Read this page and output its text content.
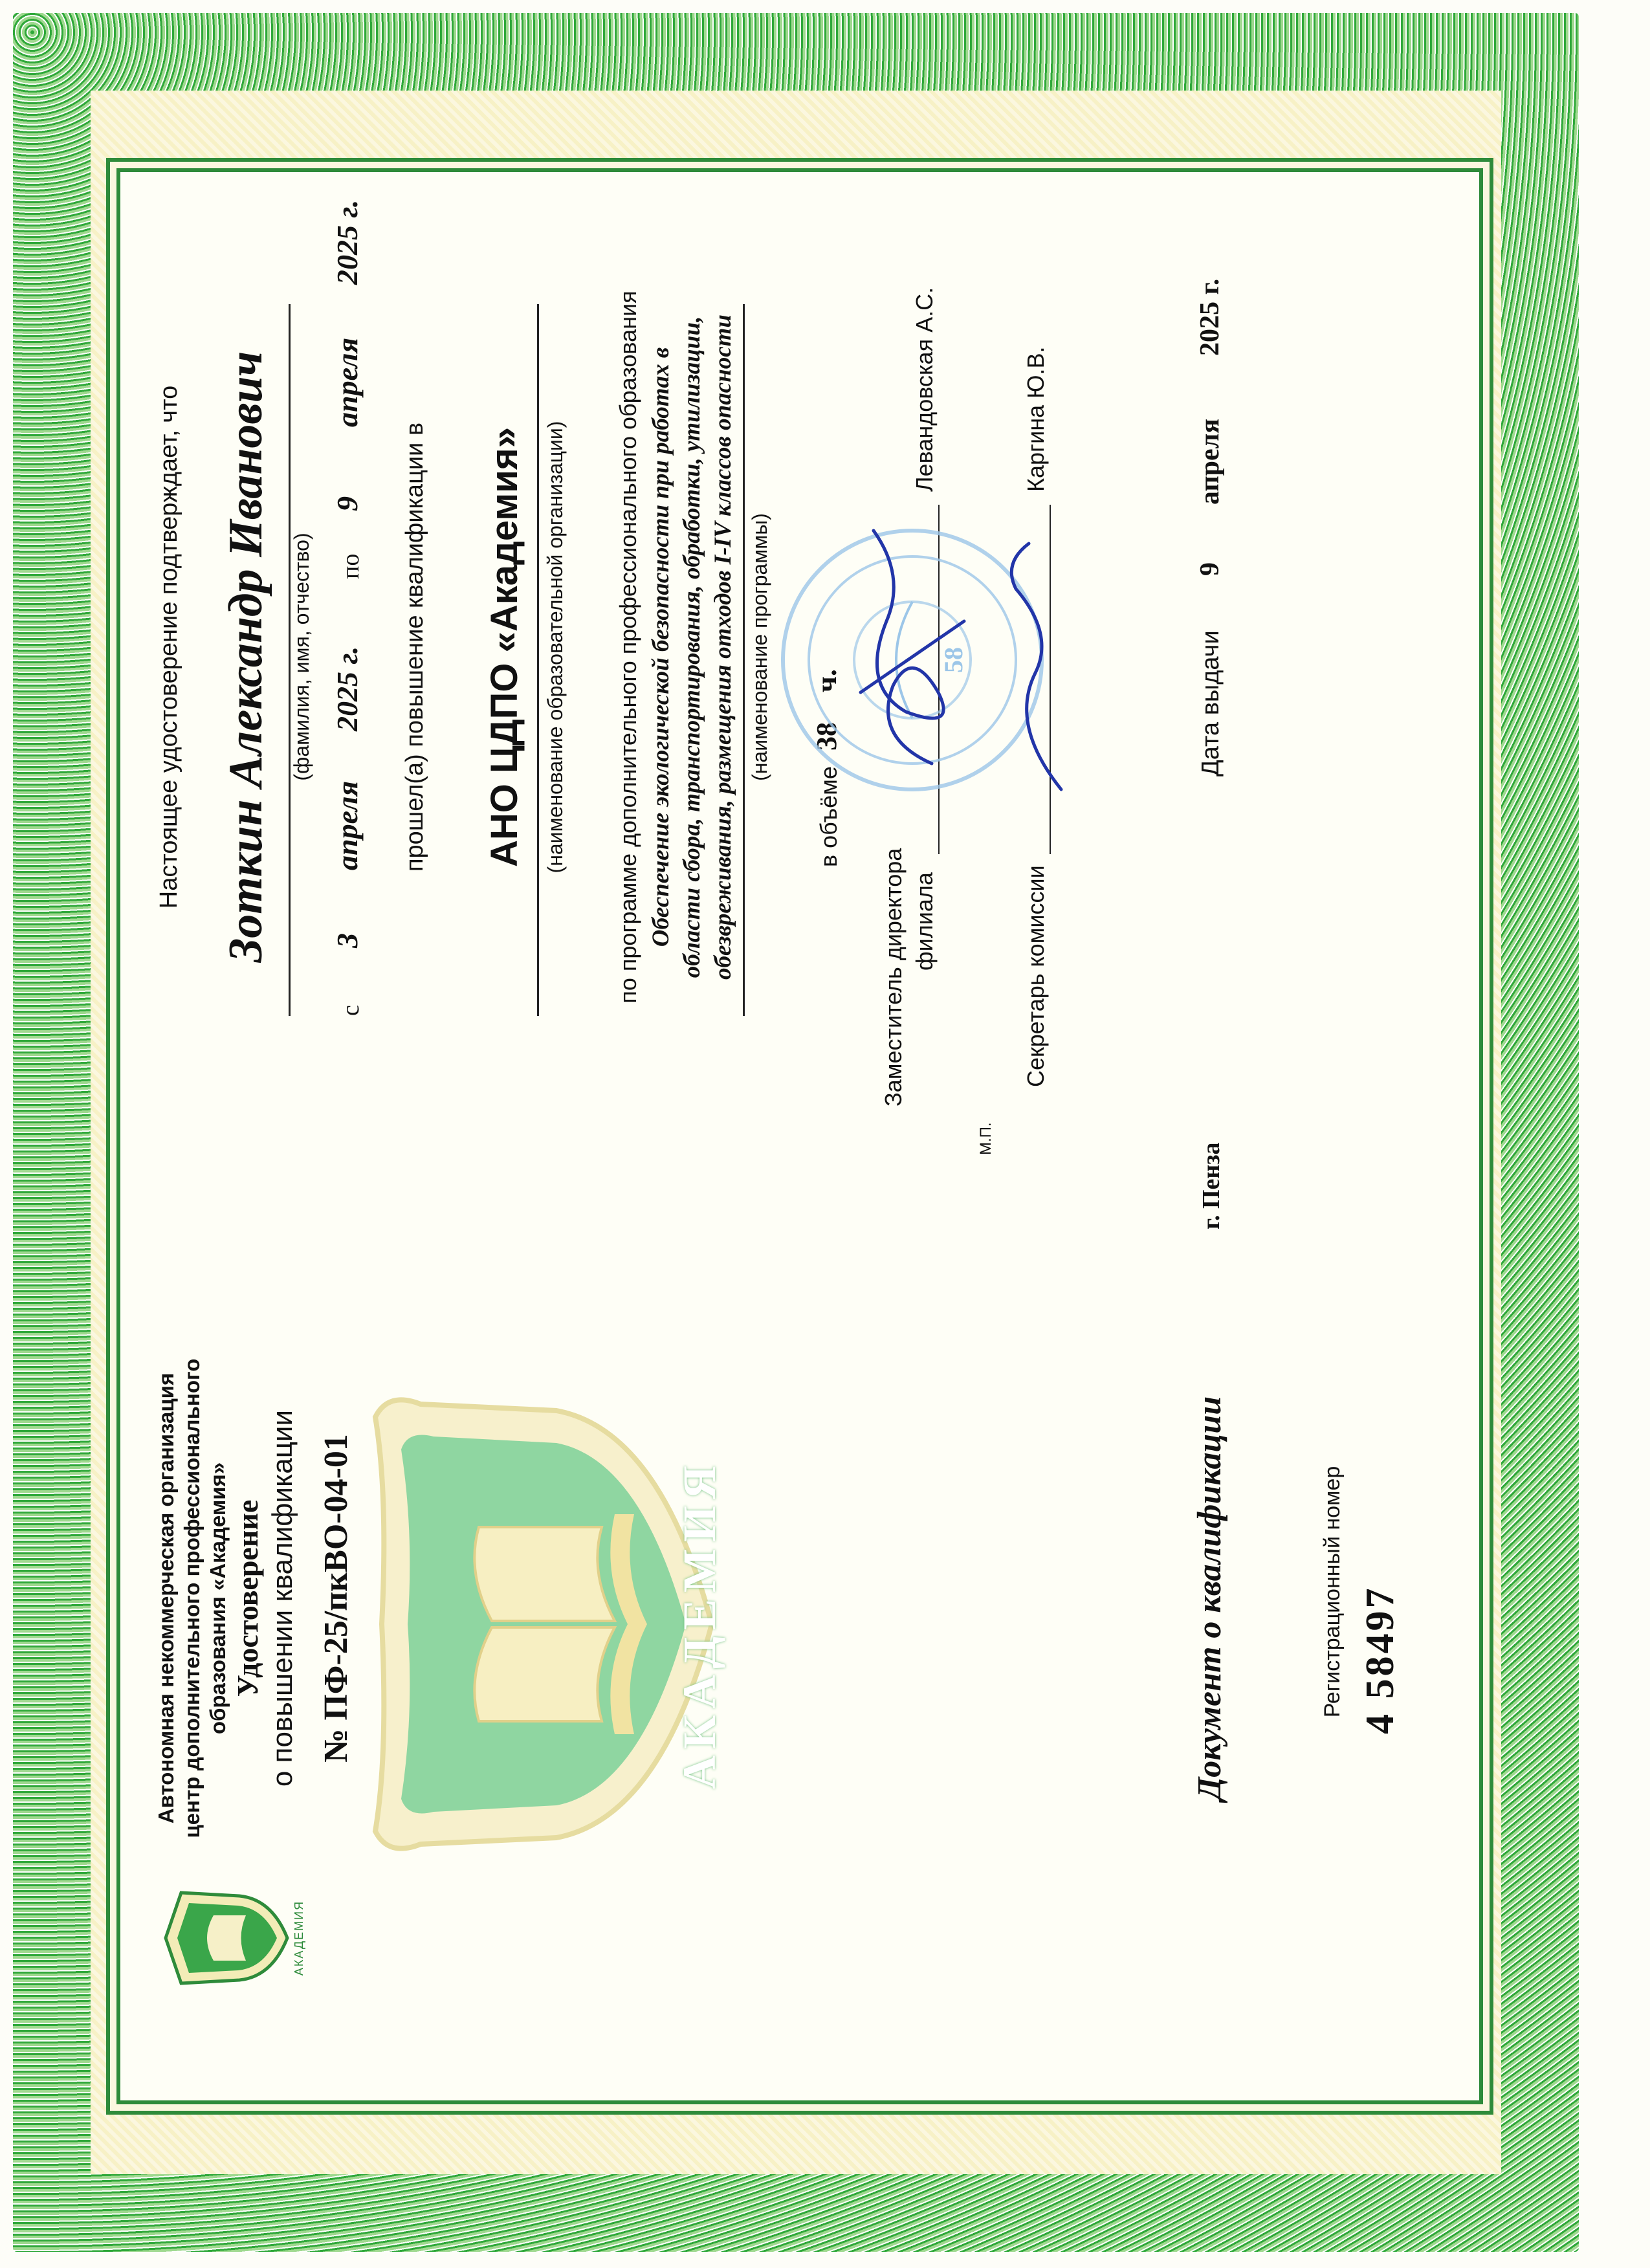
АКАДЕМИЯ
Автономная некоммерческая организация центр дополнительного профессионального образования «Академия» Удостоверение о повышении квалификации № ПФ-25/пкВО-04-01	АКАДЕМИЯ	Документ о квалификации	Регистрационный номер 4 58497
Настоящее удостоверение подтверждает, что Зоткин Александр Иванович (фамилия, имя, отчество)
с
3
апреля
2025 г.
по
9
апреля
2025 г.
прошел(а) повышение квалификации в АНО ЦДПО «Академия» (наименование образовательной организации) по программе дополнительного профессионального образования Обеспечение экологической безопасности при работах в области сбора, транспортирования, обработки, утилизации, обезвреживания, размещения отходов I-IV классов опасности (наименование программы)
в объёме
38
ч.
Заместитель директора филиала
Левандовская А.С.
М.П.
Секретарь комиссии
Каргина Ю.В.
58
г. Пенза
Дата выдачи
9
апреля
2025 г.
